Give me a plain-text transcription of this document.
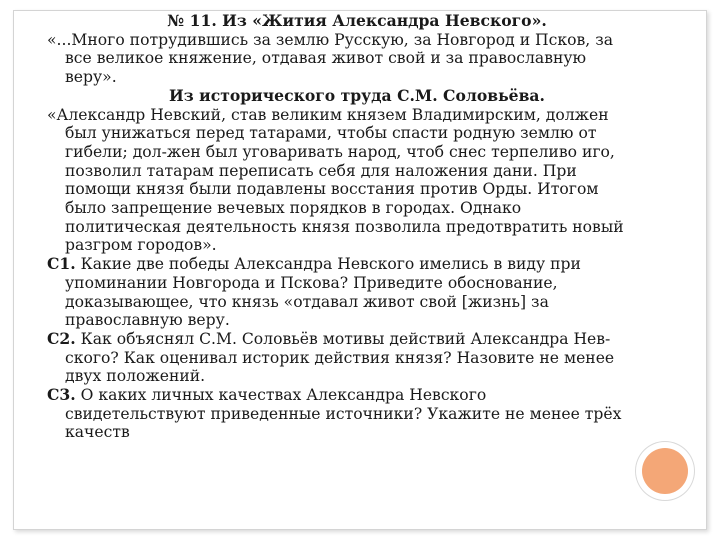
№ 11. Из «Жития Александра Невского».

«...Много потрудившись за землю Русскую, за Новгород и Псков, за все великое княжение, отдавая живот свой и за православную веру».

Из исторического труда С.М. Соловьёва.

«Александр Невский, став великим князем Владимирским, должен был унижаться перед татарами, чтобы спасти родную землю от гибели; дол-жен был уговаривать народ, чтоб снес терпеливо иго, позволил татарам переписать себя для наложения дани. При помощи князя были подавлены восстания против Орды. Итогом было запрещение вечевых порядков в городах. Однако политическая деятельность князя позволила предотвратить новый разгром городов».

С1. Какие две победы Александра Невского имелись в виду при упоминании Новгорода и Пскова? Приведите обоснование, доказывающее, что князь «отдавал живот свой [жизнь] за православную веру.

С2. Как объяснял С.М. Соловьёв мотивы действий Александра Нев-ского? Как оценивал историк действия князя? Назовите не менее двух положений.

С3. О каких личных качествах Александра Невского свидетельствуют приведенные источники? Укажите не менее трёх качеств
